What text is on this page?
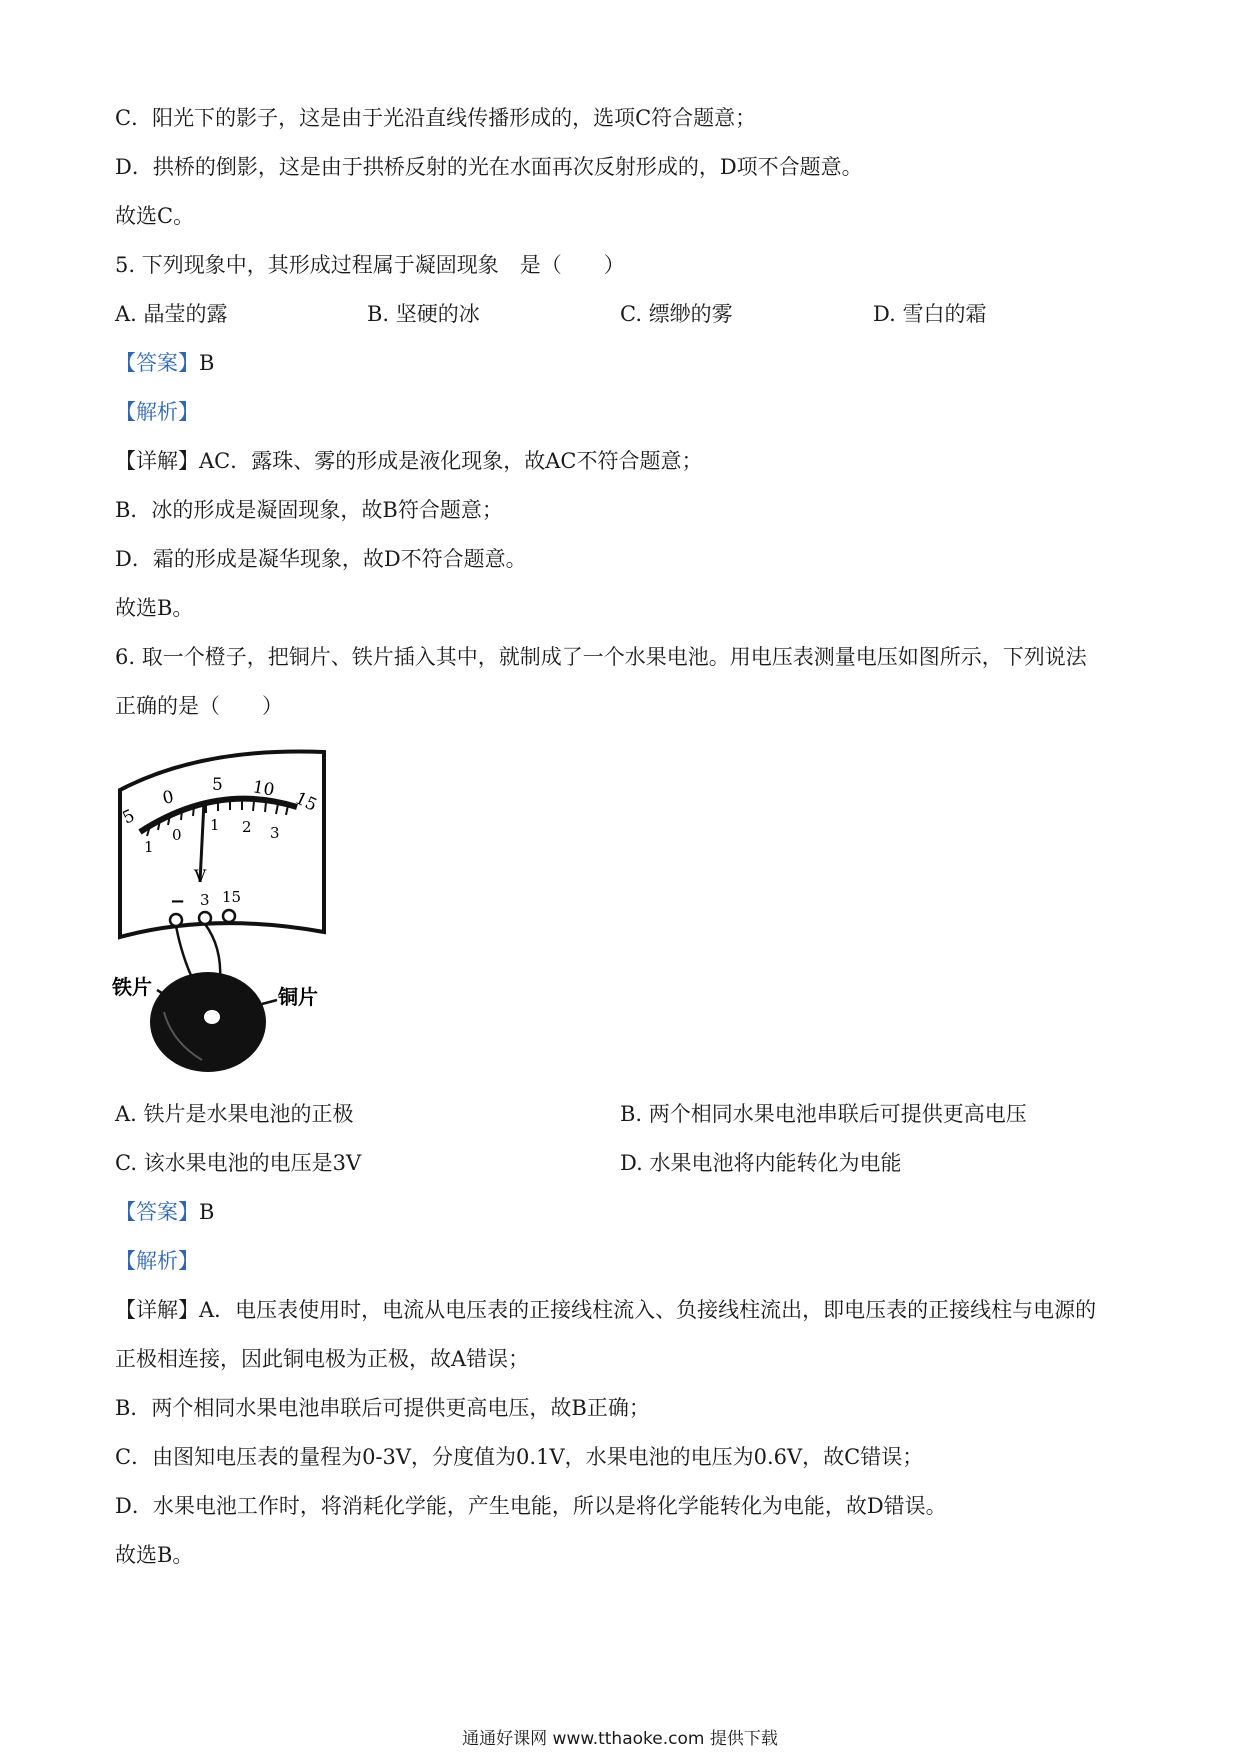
C．阳光下的影子，这是由于光沿直线传播形成的，选项C符合题意；
D．拱桥的倒影，这是由于拱桥反射的光在水面再次反射形成的，D项不合题意。
故选C。
5. 下列现象中，其形成过程属于凝固现象　是（　　）
A. 晶莹的露	B. 坚硬的冰	C. 缥缈的雾	D. 雪白的霜
【答案】B
【解析】
【详解】AC．露珠、雾的形成是液化现象，故AC不符合题意；
B．冰的形成是凝固现象，故B符合题意；
D．霜的形成是凝华现象，故D不符合题意。
故选B。
6. 取一个橙子，把铜片、铁片插入其中，就制成了一个水果电池。用电压表测量电压如图所示，下列说法
正确的是（　　）
5
0
5 10 15
1
0
1 2 3
V
− 3 15
铁片	铜片
A. 铁片是水果电池的正极	B. 两个相同水果电池串联后可提供更高电压
C. 该水果电池的电压是3V	D. 水果电池将内能转化为电能
【答案】B
【解析】
【详解】A．电压表使用时，电流从电压表的正接线柱流入、负接线柱流出，即电压表的正接线柱与电源的
正极相连接，因此铜电极为正极，故A错误；
B．两个相同水果电池串联后可提供更高电压，故B正确；
C．由图知电压表的量程为0-3V，分度值为0.1V，水果电池的电压为0.6V，故C错误；
D．水果电池工作时，将消耗化学能，产生电能，所以是将化学能转化为电能，故D错误。
故选B。
通通好课网 www.tthaoke.com 提供下载
